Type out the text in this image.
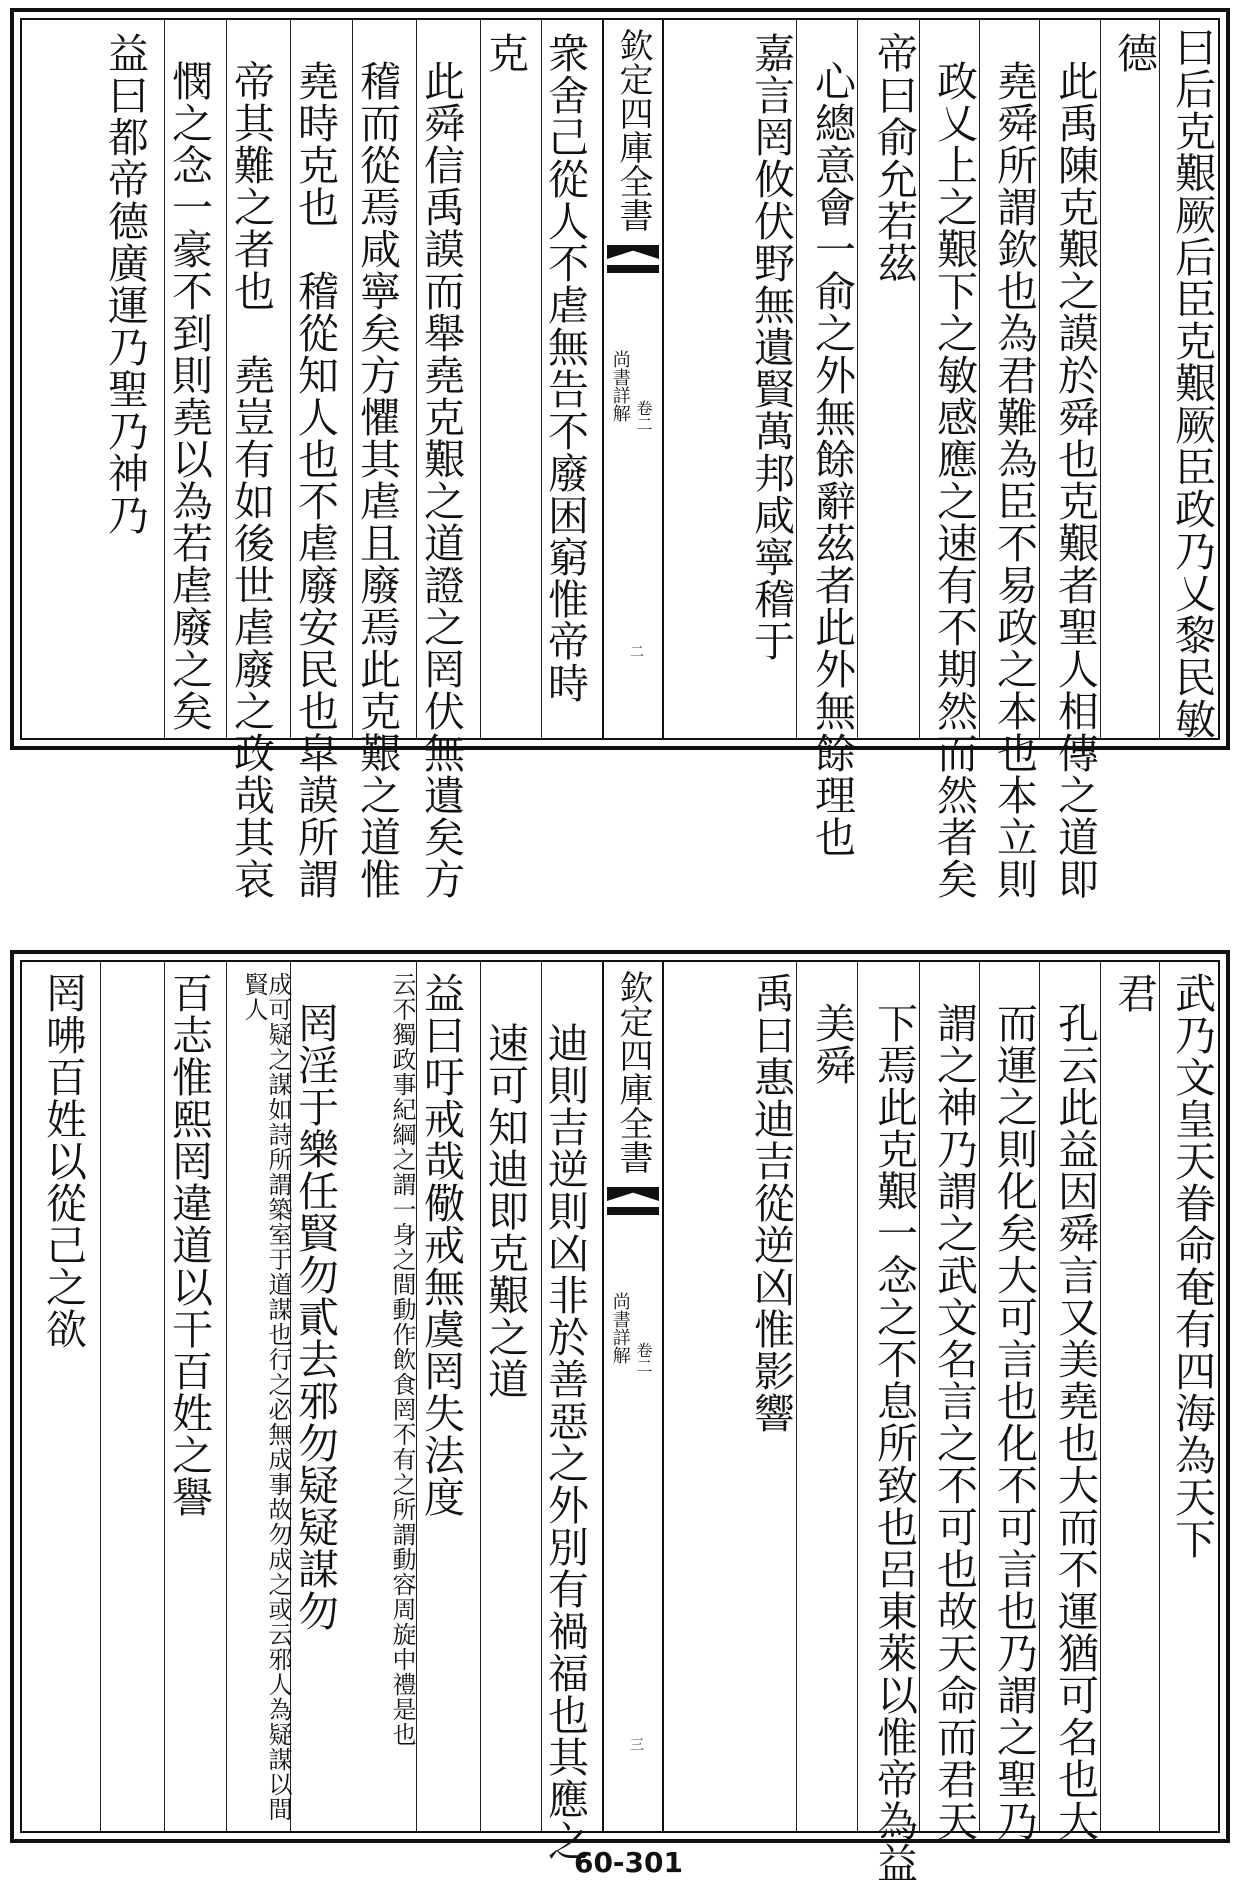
曰后克艱厥后臣克艱厥臣政乃乂黎民敏
德
此禹陳克艱之謨於舜也克艱者聖人相傳之道即
堯舜所謂欽也為君難為臣不易政之本也本立則
政乂上之艱下之敏感應之速有不期然而然者矣
帝曰俞允若茲
心總意會一俞之外無餘辭茲者此外無餘理也
嘉言罔攸伏野無遺賢萬邦咸寧稽于
欽定四庫全書
尚書詳解 卷二
二
衆舍己從人不虐無告不廢困窮惟帝時
克
此舜信禹謨而舉堯克艱之道證之罔伏無遺矣方
稽而從焉咸寧矣方懼其虐且廢焉此克艱之道惟
堯時克也　稽從知人也不虐廢安民也皐謨所謂
帝其難之者也　堯豈有如後世虐廢之政哉其哀
憫之念一豪不到則堯以為若虐廢之矣
益曰都帝德廣運乃聖乃神乃
武乃文皇天眷命奄有四海為天下
君
孔云此益因舜言又美堯也大而不運猶可名也大
而運之則化矣大可言也化不可言也乃謂之聖乃
謂之神乃謂之武文名言之不可也故天命而君天
下焉此克艱一念之不息所致也呂東萊以惟帝為益
美舜
禹曰惠迪吉從逆凶惟影響
欽定四庫全書
尚書詳解 卷二
三
迪則吉逆則凶非於善惡之外別有禍福也其應之
速可知迪即克艱之道
益曰吁戒哉儆戒無虞罔失法度
云不獨政事紀綱之謂一身之間動作飲食罔不有之所謂動容周旋中禮是也
罔淫于樂任賢勿貳去邪勿疑疑謀勿
成可疑之謀如詩所謂築室于道謀也行之必無成事故勿成之或云邪人為疑謀以間賢人
百志惟熙罔違道以干百姓之譽
罔咈百姓以從己之欲
60-301
